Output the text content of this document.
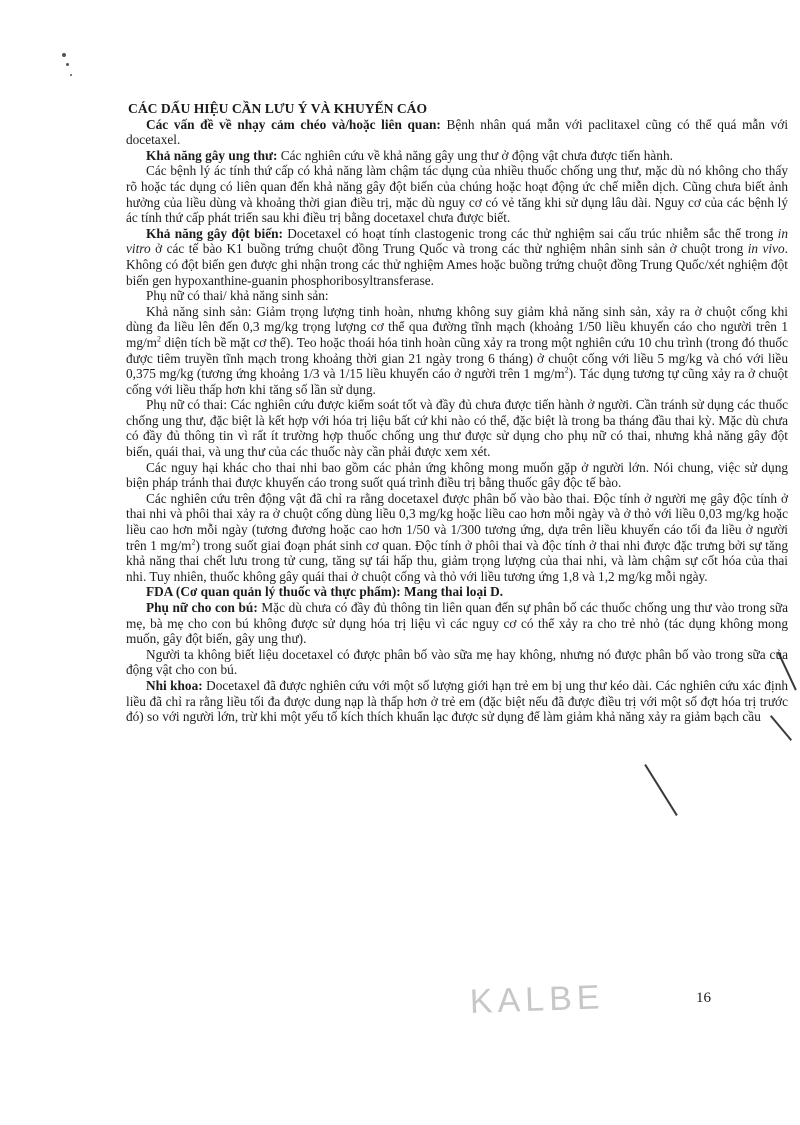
CÁC DẤU HIỆU CẦN LƯU Ý VÀ KHUYẾN CÁO

Các vấn đề về nhạy cảm chéo và/hoặc liên quan: Bệnh nhân quá mẫn với paclitaxel cũng có thể quá mẫn với docetaxel.

Khả năng gây ung thư: Các nghiên cứu về khả năng gây ung thư ở động vật chưa được tiến hành.

Các bệnh lý ác tính thứ cấp có khả năng làm chậm tác dụng của nhiều thuốc chống ung thư, mặc dù nó không cho thấy rõ hoặc tác dụng có liên quan đến khả năng gây đột biến của chúng hoặc hoạt động ức chế miễn dịch. Cũng chưa biết ảnh hưởng của liều dùng và khoảng thời gian điều trị, mặc dù nguy cơ có vẻ tăng khi sử dụng lâu dài. Nguy cơ của các bệnh lý ác tính thứ cấp phát triển sau khi điều trị bằng docetaxel chưa được biết.

Khả năng gây đột biến: Docetaxel có hoạt tính clastogenic trong các thử nghiệm sai cấu trúc nhiễm sắc thể trong in vitro ở các tế bào K1 buồng trứng chuột đồng Trung Quốc và trong các thử nghiệm nhân sinh sản ở chuột trong in vivo. Không có đột biến gen được ghi nhận trong các thử nghiệm Ames hoặc buồng trứng chuột đồng Trung Quốc/xét nghiệm đột biến gen hypoxanthine-guanin phosphoribosyltransferase.

Phụ nữ có thai/ khả năng sinh sản:

Khả năng sinh sản: Giảm trọng lượng tinh hoàn, nhưng không suy giảm khả năng sinh sản, xảy ra ở chuột cống khi dùng đa liều lên đến 0,3 mg/kg trọng lượng cơ thể qua đường tĩnh mạch (khoảng 1/50 liều khuyến cáo cho người trên 1 $mg/m^2$ diện tích bề mặt cơ thể). Teo hoặc thoái hóa tinh hoàn cũng xảy ra trong một nghiên cứu 10 chu trình (trong đó thuốc được tiêm truyền tĩnh mạch trong khoảng thời gian 21 ngày trong 6 tháng) ở chuột cống với liều 5 mg/kg và chó với liều 0,375 mg/kg (tương ứng khoảng 1/3 và 1/15 liều khuyến cáo ở người trên 1 $mg/m^2$). Tác dụng tương tự cũng xảy ra ở chuột cống với liều thấp hơn khi tăng số lần sử dụng.

Phụ nữ có thai: Các nghiên cứu được kiểm soát tốt và đầy đủ chưa được tiến hành ở người. Cần tránh sử dụng các thuốc chống ung thư, đặc biệt là kết hợp với hóa trị liệu bất cứ khi nào có thể, đặc biệt là trong ba tháng đầu thai kỳ. Mặc dù chưa có đầy đủ thông tin vì rất ít trường hợp thuốc chống ung thư được sử dụng cho phụ nữ có thai, nhưng khả năng gây đột biến, quái thai, và ung thư của các thuốc này cần phải được xem xét.

Các nguy hại khác cho thai nhi bao gồm các phản ứng không mong muốn gặp ở người lớn. Nói chung, việc sử dụng biện pháp tránh thai được khuyến cáo trong suốt quá trình điều trị bằng thuốc gây độc tế bào.

Các nghiên cứu trên động vật đã chỉ ra rằng docetaxel được phân bố vào bào thai. Độc tính ở người mẹ gây độc tính ở thai nhi và phôi thai xảy ra ở chuột cống dùng liều 0,3 mg/kg hoặc liều cao hơn mỗi ngày và ở thỏ với liều 0,03 mg/kg hoặc liều cao hơn mỗi ngày (tương đương hoặc cao hơn 1/50 và 1/300 tương ứng, dựa trên liều khuyến cáo tối đa liều ở người trên 1 $mg/m^2$) trong suốt giai đoạn phát sinh cơ quan. Độc tính ở phôi thai và độc tính ở thai nhi được đặc trưng bởi sự tăng khả năng thai chết lưu trong tử cung, tăng sự tái hấp thu, giảm trọng lượng của thai nhi, và làm chậm sự cốt hóa của thai nhi. Tuy nhiên, thuốc không gây quái thai ở chuột cống và thỏ với liều tương ứng 1,8 và 1,2 mg/kg mỗi ngày.

FDA (Cơ quan quản lý thuốc và thực phẩm): Mang thai loại D.

Phụ nữ cho con bú: Mặc dù chưa có đầy đủ thông tin liên quan đến sự phân bố các thuốc chống ung thư vào trong sữa mẹ, bà mẹ cho con bú không được sử dụng hóa trị liệu vì các nguy cơ có thể xảy ra cho trẻ nhỏ (tác dụng không mong muốn, gây đột biến, gây ung thư).

Người ta không biết liệu docetaxel có được phân bố vào sữa mẹ hay không, nhưng nó được phân bố vào trong sữa của động vật cho con bú.

Nhi khoa: Docetaxel đã được nghiên cứu với một số lượng giới hạn trẻ em bị ung thư kéo dài. Các nghiên cứu xác định liều đã chỉ ra rằng liều tối đa được dung nạp là thấp hơn ở trẻ em (đặc biệt nếu đã được điều trị với một số đợt hóa trị trước đó) so với người lớn, trừ khi một yếu tố kích thích khuẩn lạc được sử dụng để làm giảm khả năng xảy ra giảm bạch cầu

KALBE	16
